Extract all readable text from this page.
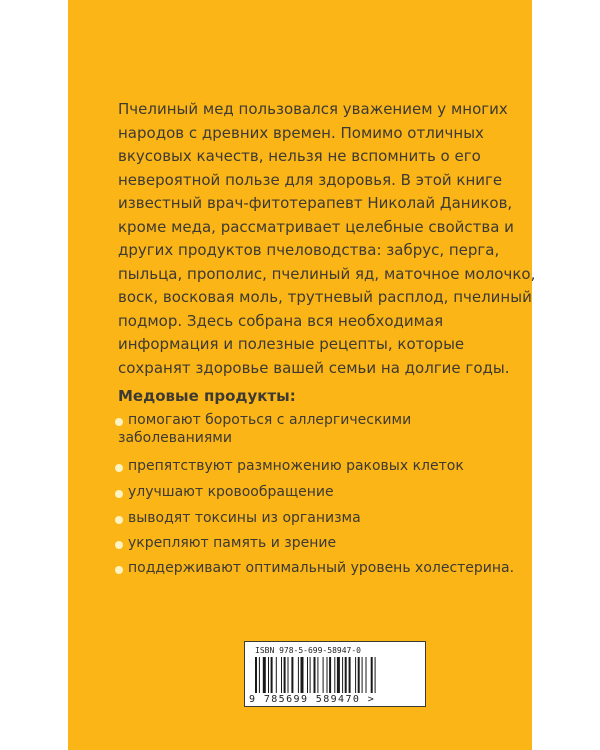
Пчелиный мед пользовался уважением у многих
народов с древних времен. Помимо отличных
вкусовых качеств, нельзя не вспомнить о его
невероятной пользе для здоровья. В этой книге
известный врач-фитотерапевт Николай Даников,
кроме меда, рассматривает целебные свойства и
других продуктов пчеловодства: забрус, перга,
пыльца, прополис, пчелиный яд, маточное молочко,
воск, восковая моль, трутневый расплод, пчелиный
подмор. Здесь собрана вся необходимая
информация и полезные рецепты, которые
сохранят здоровье вашей семьи на долгие годы.

Медовые продукты:
помогают бороться с аллергическими
заболеваниями
препятствуют размножению раковых клеток
улучшают кровообращение
выводят токсины из организма
укрепляют память и зрение
поддерживают оптимальный уровень холестерина.
ISBN 978-5-699-58947-0
9 785699 589470 >
